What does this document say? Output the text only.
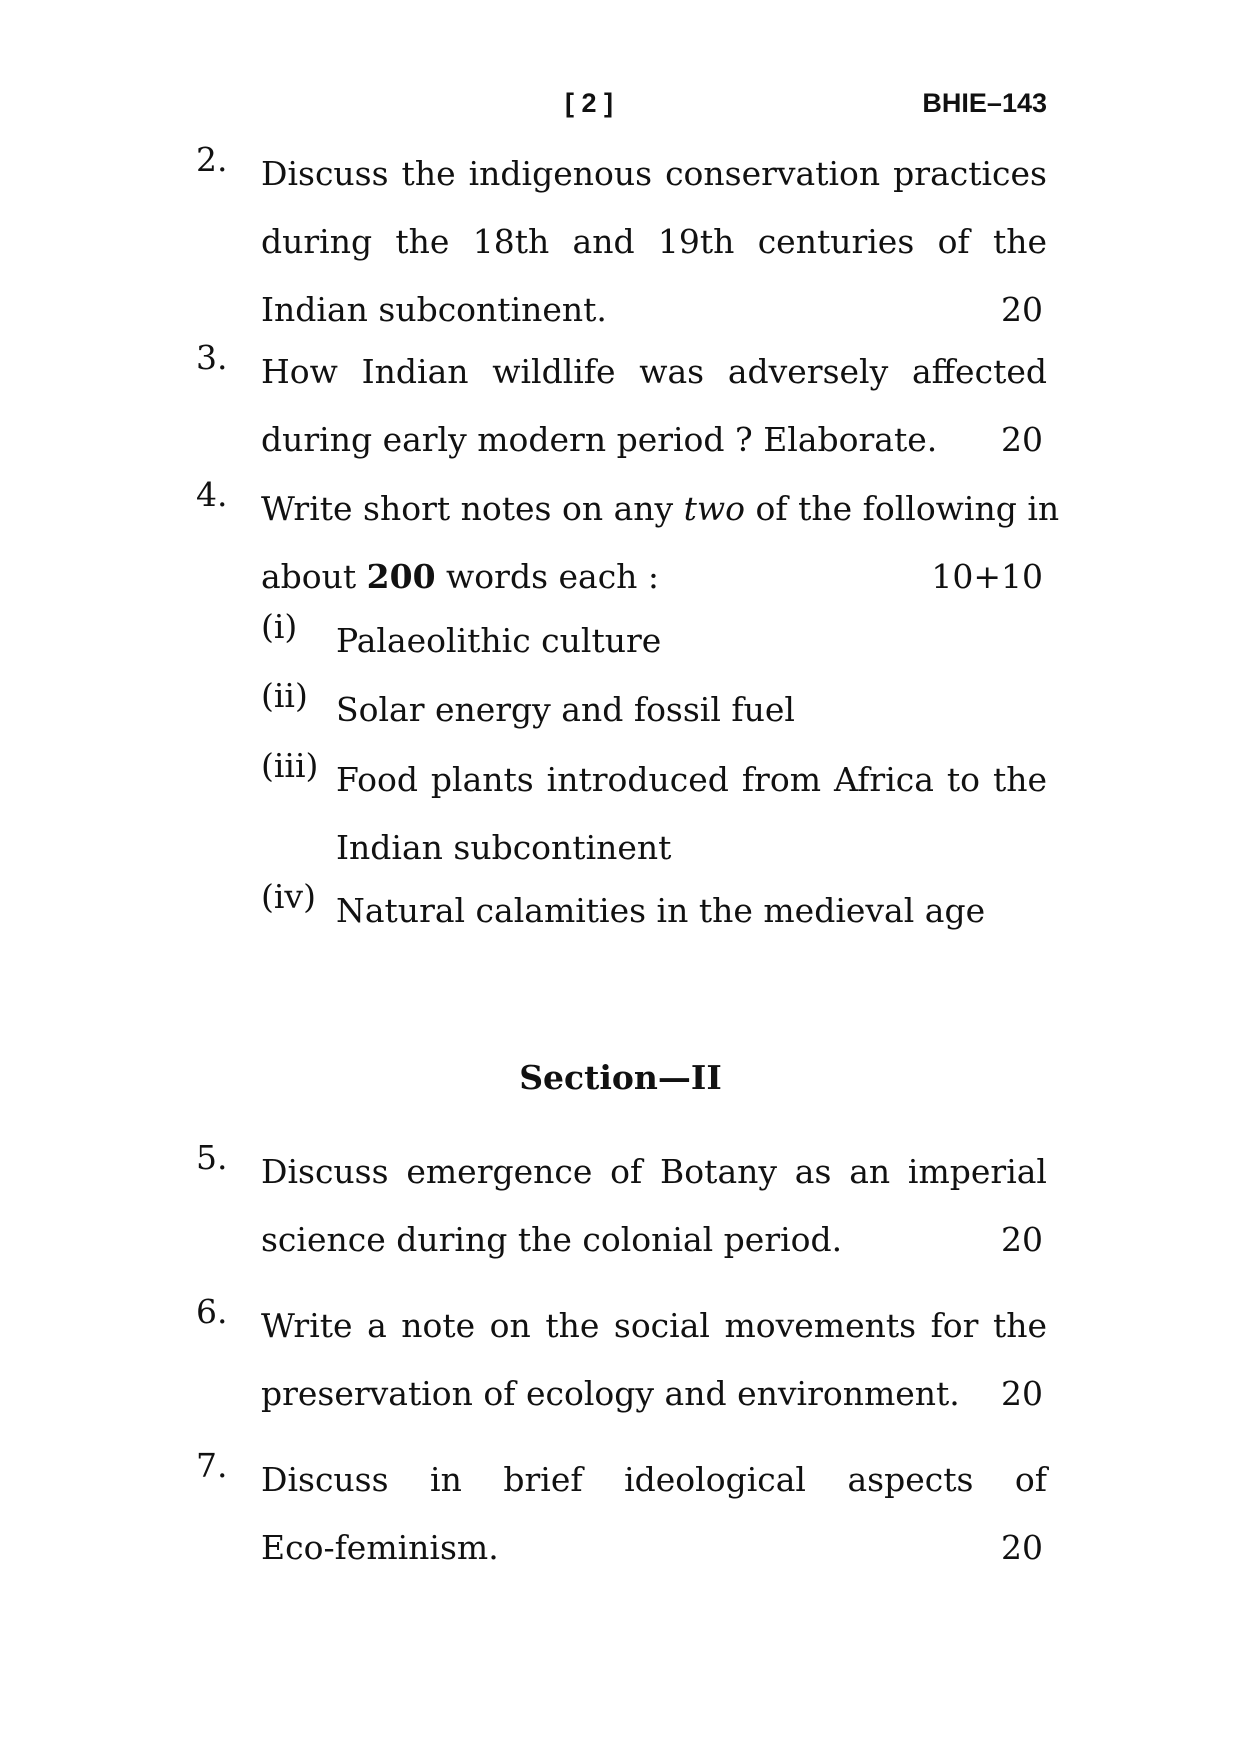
[ 2 ]	BHIE–143
2. Discuss the indigenous conservation practices
during the 18th and 19th centuries of the
Indian subcontinent.	20
3. How Indian wildlife was adversely affected
during early modern period ? Elaborate. 20
4. Write short notes on any two of the following in
about 200 words each :	10+10
(i) Palaeolithic culture
(ii) Solar energy and fossil fuel
(iii) Food plants introduced from Africa to the
Indian subcontinent
(iv) Natural calamities in the medieval age
Section—II
5. Discuss emergence of Botany as an imperial
science during the colonial period.	20
6. Write a note on the social movements for the
preservation of ecology and environment. 20
7. Discuss in brief ideological aspects of
Eco-feminism.	20
